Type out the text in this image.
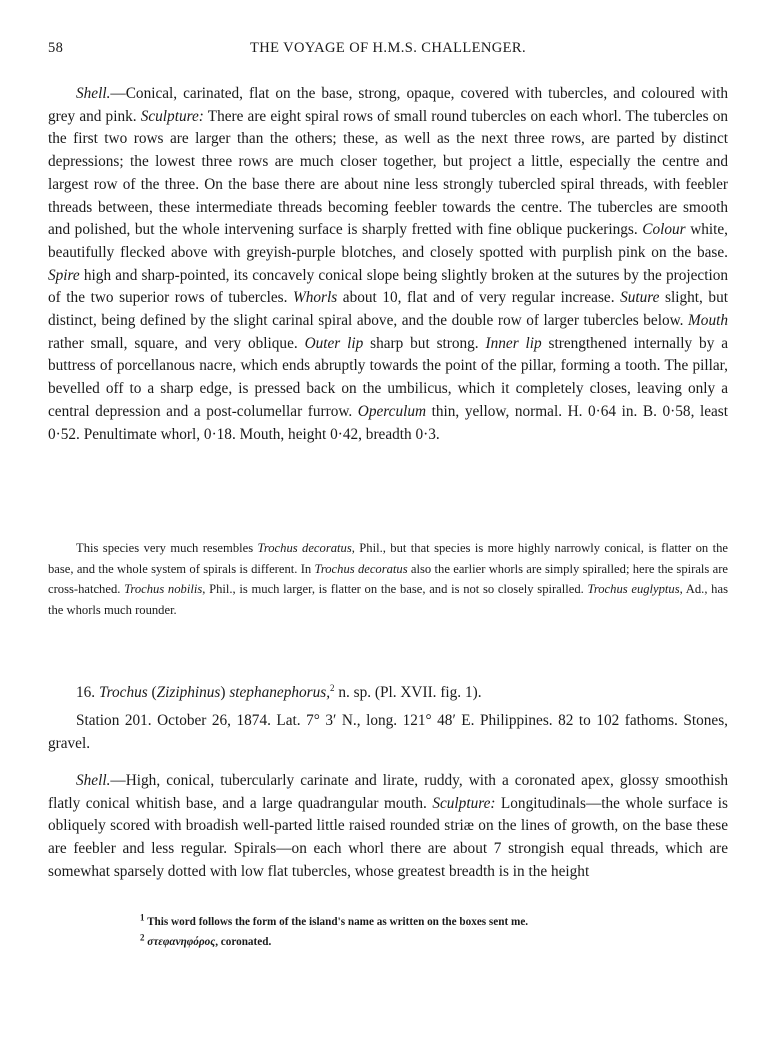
58	THE VOYAGE OF H.M.S. CHALLENGER.

Shell.—Conical, carinated, flat on the base, strong, opaque, covered with tubercles, and coloured with grey and pink. Sculpture: There are eight spiral rows of small round tubercles on each whorl. The tubercles on the first two rows are larger than the others; these, as well as the next three rows, are parted by distinct depressions; the lowest three rows are much closer together, but project a little, especially the centre and largest row of the three. On the base there are about nine less strongly tubercled spiral threads, with feebler threads between, these intermediate threads becoming feebler towards the centre. The tubercles are smooth and polished, but the whole intervening surface is sharply fretted with fine oblique puckerings. Colour white, beautifully flecked above with greyish-purple blotches, and closely spotted with purplish pink on the base. Spire high and sharp-pointed, its concavely conical slope being slightly broken at the sutures by the projection of the two superior rows of tubercles. Whorls about 10, flat and of very regular increase. Suture slight, but distinct, being defined by the slight carinal spiral above, and the double row of larger tubercles below. Mouth rather small, square, and very oblique. Outer lip sharp but strong. Inner lip strengthened internally by a buttress of porcellanous nacre, which ends abruptly towards the point of the pillar, forming a tooth. The pillar, bevelled off to a sharp edge, is pressed back on the umbilicus, which it completely closes, leaving only a central depression and a post-columellar furrow. Operculum thin, yellow, normal. H. 0·64 in. B. 0·58, least 0·52. Penultimate whorl, 0·18. Mouth, height 0·42, breadth 0·3.

This species very much resembles Trochus decoratus, Phil., but that species is more highly narrowly conical, is flatter on the base, and the whole system of spirals is different. In Trochus decoratus also the earlier whorls are simply spiralled; here the spirals are cross-hatched. Trochus nobilis, Phil., is much larger, is flatter on the base, and is not so closely spiralled. Trochus euglyptus, Ad., has the whorls much rounder.

16. Trochus (Ziziphinus) stephanephorus,$^2$ n. sp. (Pl. XVII. fig. 1).

Station 201. October 26, 1874. Lat. 7° 3′ N., long. 121° 48′ E. Philippines. 82 to 102 fathoms. Stones, gravel.

Shell.—High, conical, tubercularly carinate and lirate, ruddy, with a coronated apex, glossy smoothish flatly conical whitish base, and a large quadrangular mouth. Sculpture: Longitudinals—the whole surface is obliquely scored with broadish well-parted little raised rounded striæ on the lines of growth, on the base these are feebler and less regular. Spirals—on each whorl there are about 7 strongish equal threads, which are somewhat sparsely dotted with low flat tubercles, whose greatest breadth is in the height

$^1$ This word follows the form of the island's name as written on the boxes sent me.

$^2$ στεφανηφόρος, coronated.
